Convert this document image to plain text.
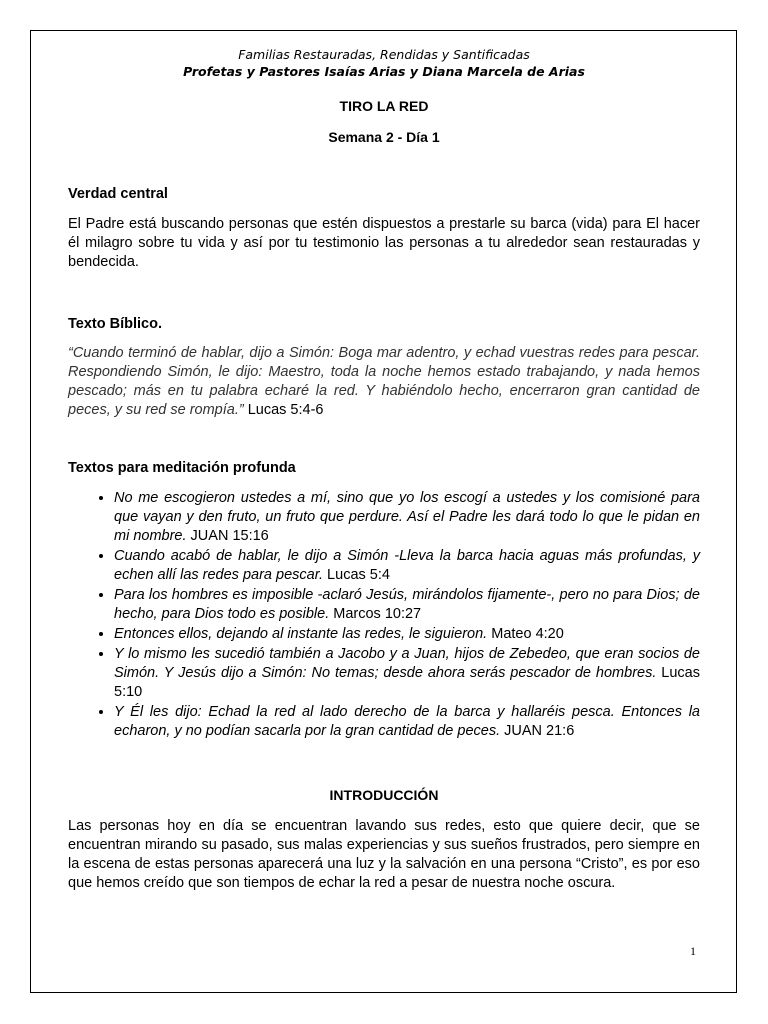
Familias Restauradas, Rendidas y Santificadas
Profetas y Pastores Isaías Arias y Diana Marcela de Arias
TIRO LA RED
Semana 2 - Día 1
Verdad central
El Padre está buscando personas que estén dispuestos a prestarle su barca (vida) para El hacer él milagro sobre tu vida y así por tu testimonio las personas a tu alrededor sean restauradas y bendecida.
Texto Bíblico.
“Cuando terminó de hablar, dijo a Simón: Boga mar adentro, y echad vuestras redes para pescar. Respondiendo Simón, le dijo: Maestro, toda la noche hemos estado trabajando, y nada hemos pescado; más en tu palabra echaré la red. Y habiéndolo hecho, encerraron gran cantidad de peces, y su red se rompía.” Lucas 5:4-6
Textos para meditación profunda
• No me escogieron ustedes a mí, sino que yo los escogí a ustedes y los comisioné para que vayan y den fruto, un fruto que perdure. Así el Padre les dará todo lo que le pidan en mi nombre. JUAN 15:16
• Cuando acabó de hablar, le dijo a Simón -Lleva la barca hacia aguas más profundas, y echen allí las redes para pescar. Lucas 5:4
• Para los hombres es imposible -aclaró Jesús, mirándolos fijamente-, pero no para Dios; de hecho, para Dios todo es posible. Marcos 10:27
• Entonces ellos, dejando al instante las redes, le siguieron. Mateo 4:20
• Y lo mismo les sucedió también a Jacobo y a Juan, hijos de Zebedeo, que eran socios de Simón. Y Jesús dijo a Simón: No temas; desde ahora serás pescador de hombres. Lucas 5:10
• Y Él les dijo: Echad la red al lado derecho de la barca y hallaréis pesca. Entonces la echaron, y no podían sacarla por la gran cantidad de peces. JUAN 21:6
INTRODUCCIÓN
Las personas hoy en día se encuentran lavando sus redes, esto que quiere decir, que se encuentran mirando su pasado, sus malas experiencias y sus sueños frustrados, pero siempre en la escena de estas personas aparecerá una luz y la salvación en una persona “Cristo”, es por eso que hemos creído que son tiempos de echar la red a pesar de nuestra noche oscura.
1
